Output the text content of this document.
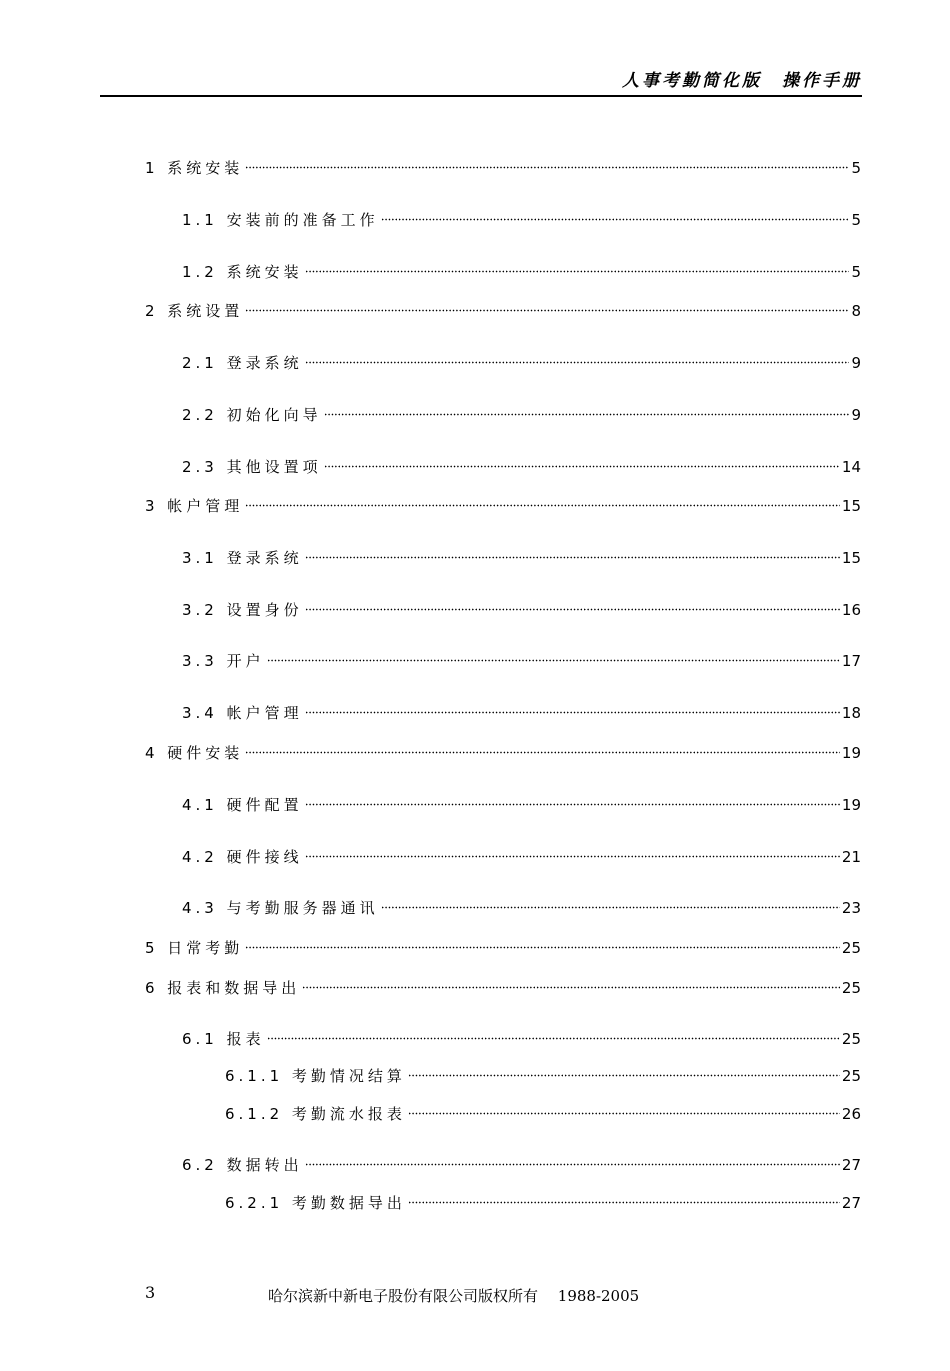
人事考勤简化版　操作手册
1 系统安装	5
1.1 安装前的准备工作	5
1.2 系统安装	5
2 系统设置	8
2.1 登录系统	9
2.2 初始化向导	9
2.3 其他设置项	14
3 帐户管理	15
3.1 登录系统	15
3.2 设置身份	16
3.3 开户	17
3.4 帐户管理	18
4 硬件安装	19
4.1 硬件配置	19
4.2 硬件接线	21
4.3 与考勤服务器通讯	23
5 日常考勤	25
6 报表和数据导出	25
6.1 报表	25
6.1.1 考勤情况结算	25
6.1.2 考勤流水报表	26
6.2 数据转出	27
6.2.1 考勤数据导出	27
3	哈尔滨新中新电子股份有限公司版权所有　 1988-2005
